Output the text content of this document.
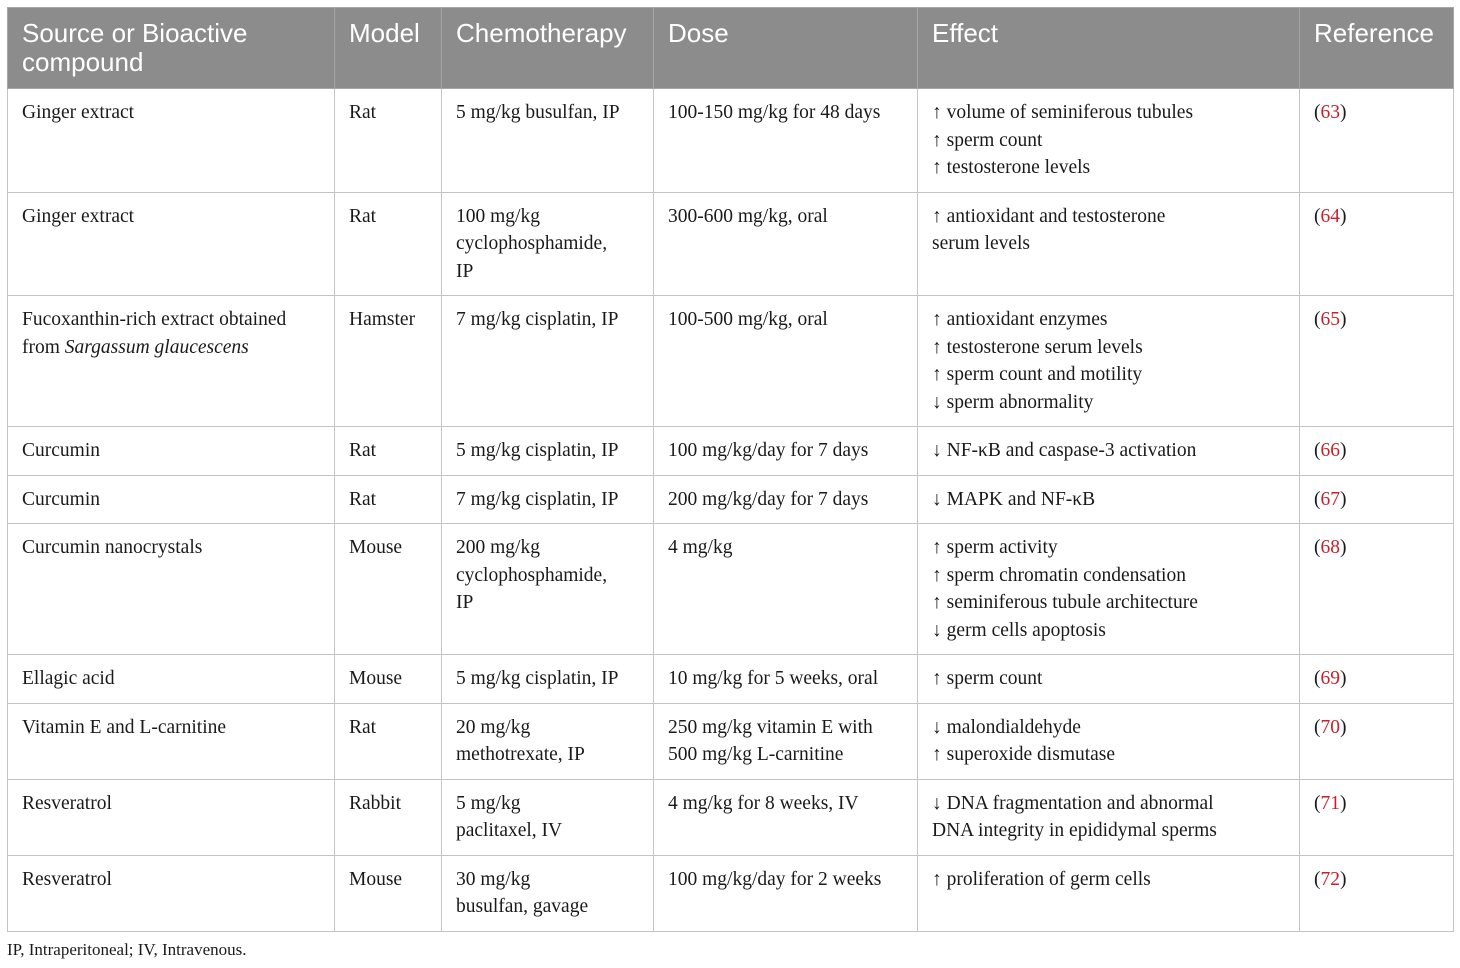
Source or Bioactive compound	Model	Chemotherapy	Dose	Effect	Reference
Ginger extract	Rat	5 mg/kg busulfan, IP	100-150 mg/kg for 48 days	↑ volume of seminiferous tubules
↑ sperm count
↑ testosterone levels	(63)
Ginger extract	Rat	100 mg/kg
cyclophosphamide,
IP	300-600 mg/kg, oral	↑ antioxidant and testosterone
serum levels	(64)
Fucoxanthin-rich extract obtained
from Sargassum glaucescens	Hamster	7 mg/kg cisplatin, IP	100-500 mg/kg, oral	↑ antioxidant enzymes
↑ testosterone serum levels
↑ sperm count and motility
↓ sperm abnormality	(65)
Curcumin	Rat	5 mg/kg cisplatin, IP	100 mg/kg/day for 7 days	↓ NF-κB and caspase-3 activation	(66)
Curcumin	Rat	7 mg/kg cisplatin, IP	200 mg/kg/day for 7 days	↓ MAPK and NF-κB	(67)
Curcumin nanocrystals	Mouse	200 mg/kg
cyclophosphamide,
IP	4 mg/kg	↑ sperm activity
↑ sperm chromatin condensation
↑ seminiferous tubule architecture
↓ germ cells apoptosis	(68)
Ellagic acid	Mouse	5 mg/kg cisplatin, IP	10 mg/kg for 5 weeks, oral	↑ sperm count	(69)
Vitamin E and L-carnitine	Rat	20 mg/kg
methotrexate, IP	250 mg/kg vitamin E with
500 mg/kg L-carnitine	↓ malondialdehyde
↑ superoxide dismutase	(70)
Resveratrol	Rabbit	5 mg/kg
paclitaxel, IV	4 mg/kg for 8 weeks, IV	↓ DNA fragmentation and abnormal
DNA integrity in epididymal sperms	(71)
Resveratrol	Mouse	30 mg/kg
busulfan, gavage	100 mg/kg/day for 2 weeks	↑ proliferation of germ cells	(72)
IP, Intraperitoneal; IV, Intravenous.
